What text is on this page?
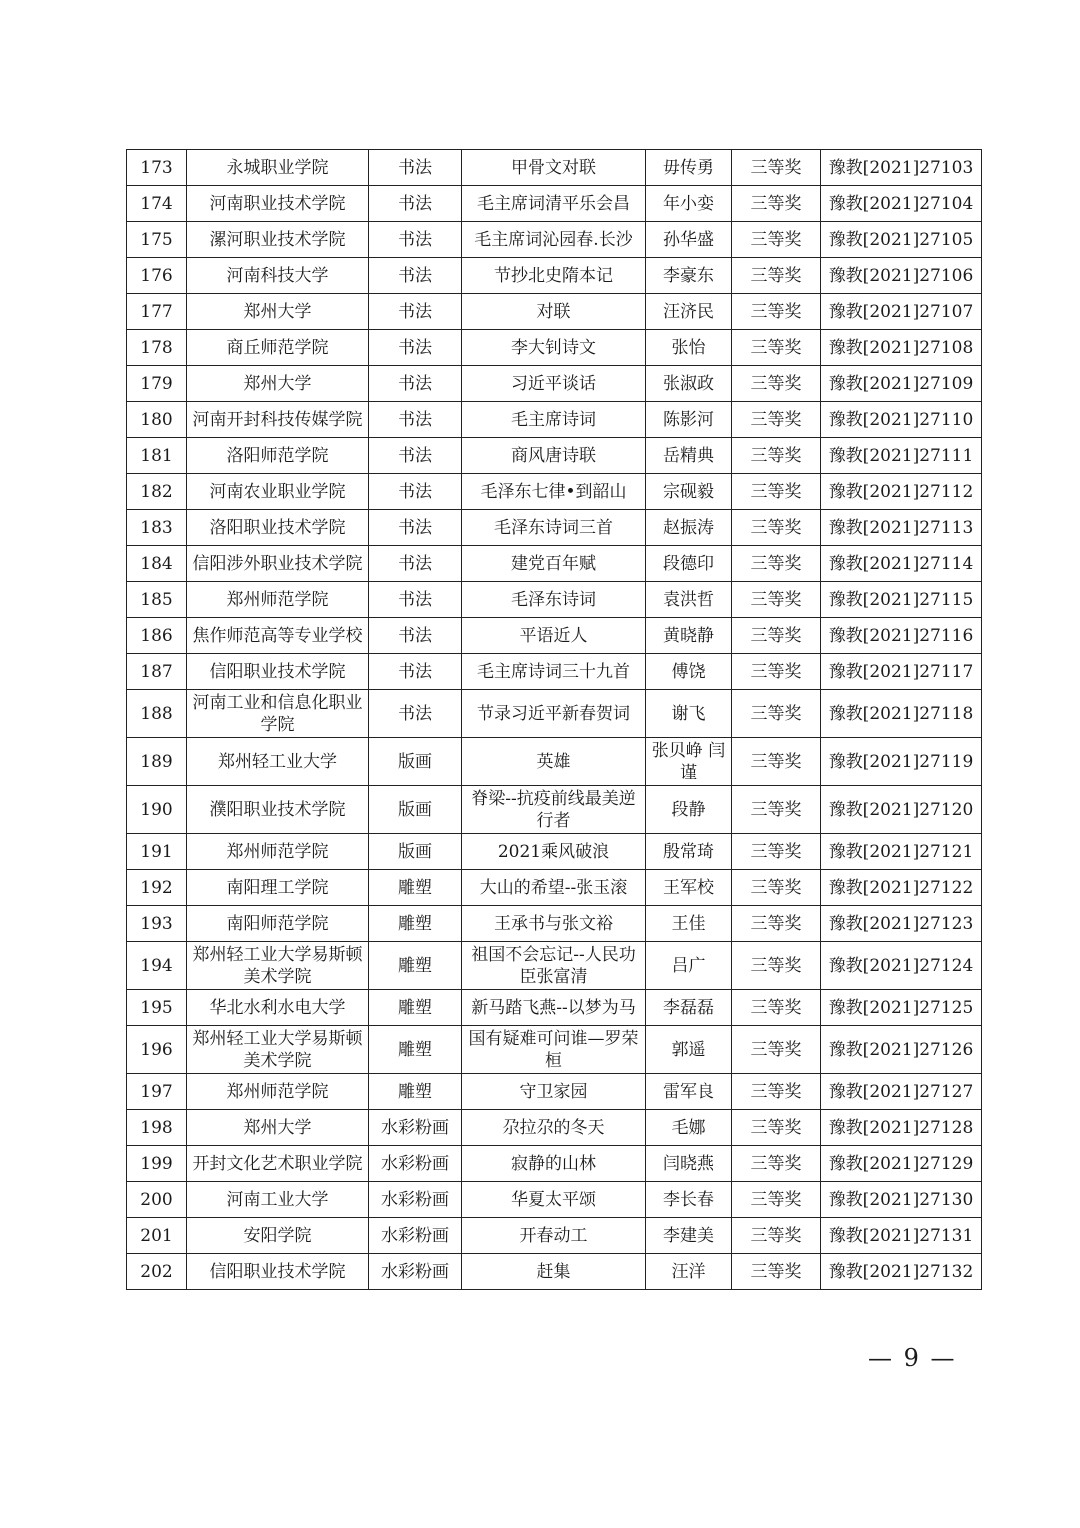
173	永城职业学院	书法	甲骨文对联	毋传勇	三等奖	豫教[2021]27103
174	河南职业技术学院	书法	毛主席词清平乐会昌	年小娈	三等奖	豫教[2021]27104
175	漯河职业技术学院	书法	毛主席词沁园春.长沙	孙华盛	三等奖	豫教[2021]27105
176	河南科技大学	书法	节抄北史隋本记	李豪东	三等奖	豫教[2021]27106
177	郑州大学	书法	对联	汪济民	三等奖	豫教[2021]27107
178	商丘师范学院	书法	李大钊诗文	张怡	三等奖	豫教[2021]27108
179	郑州大学	书法	习近平谈话	张淑政	三等奖	豫教[2021]27109
180	河南开封科技传媒学院	书法	毛主席诗词	陈影河	三等奖	豫教[2021]27110
181	洛阳师范学院	书法	商风唐诗联	岳精典	三等奖	豫教[2021]27111
182	河南农业职业学院	书法	毛泽东七律•到韶山	宗砚毅	三等奖	豫教[2021]27112
183	洛阳职业技术学院	书法	毛泽东诗词三首	赵振涛	三等奖	豫教[2021]27113
184	信阳涉外职业技术学院	书法	建党百年赋	段德印	三等奖	豫教[2021]27114
185	郑州师范学院	书法	毛泽东诗词	袁洪哲	三等奖	豫教[2021]27115
186	焦作师范高等专业学校	书法	平语近人	黄晓静	三等奖	豫教[2021]27116
187	信阳职业技术学院	书法	毛主席诗词三十九首	傅饶	三等奖	豫教[2021]27117
188	河南工业和信息化职业学院	书法	节录习近平新春贺词	谢飞	三等奖	豫教[2021]27118
189	郑州轻工业大学	版画	英雄	张贝峥 闫谨	三等奖	豫教[2021]27119
190	濮阳职业技术学院	版画	脊梁--抗疫前线最美逆行者	段静	三等奖	豫教[2021]27120
191	郑州师范学院	版画	2021乘风破浪	殷常琦	三等奖	豫教[2021]27121
192	南阳理工学院	雕塑	大山的希望--张玉滚	王军校	三等奖	豫教[2021]27122
193	南阳师范学院	雕塑	王承书与张文裕	王佳	三等奖	豫教[2021]27123
194	郑州轻工业大学易斯顿美术学院	雕塑	祖国不会忘记--人民功臣张富清	吕广	三等奖	豫教[2021]27124
195	华北水利水电大学	雕塑	新马踏飞燕--以梦为马	李磊磊	三等奖	豫教[2021]27125
196	郑州轻工业大学易斯顿美术学院	雕塑	国有疑难可问谁—罗荣桓	郭遥	三等奖	豫教[2021]27126
197	郑州师范学院	雕塑	守卫家园	雷军良	三等奖	豫教[2021]27127
198	郑州大学	水彩粉画	尕拉尕的冬天	毛娜	三等奖	豫教[2021]27128
199	开封文化艺术职业学院	水彩粉画	寂静的山林	闫晓燕	三等奖	豫教[2021]27129
200	河南工业大学	水彩粉画	华夏太平颂	李长春	三等奖	豫教[2021]27130
201	安阳学院	水彩粉画	开春动工	李建美	三等奖	豫教[2021]27131
202	信阳职业技术学院	水彩粉画	赶集	汪洋	三等奖	豫教[2021]27132
— 9 —
